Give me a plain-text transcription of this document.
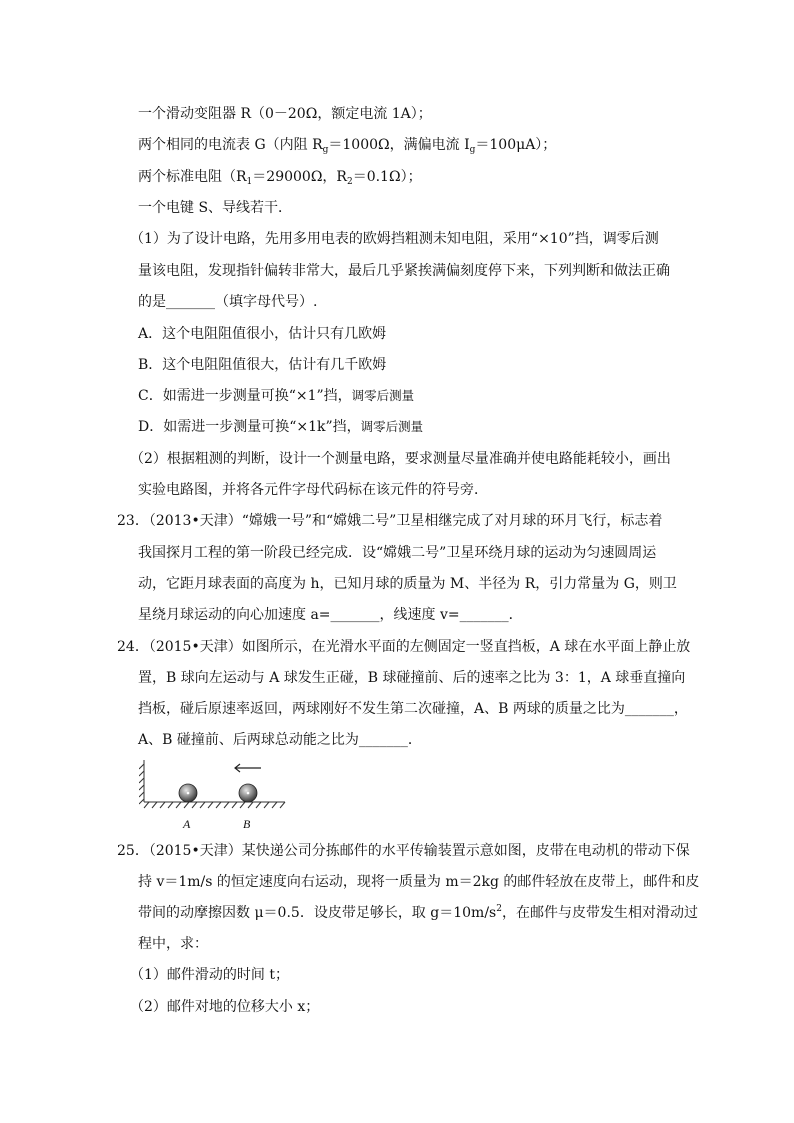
一个滑动变阻器 R（0－20Ω，额定电流 1A）；
两个相同的电流表 G（内阻 $R_g=1000\Omega$，满偏电流 $I_g=100\mu A$）；
两个标准电阻（$R_1=29000\Omega$，$R_2=0.1\Omega$）；
一个电键 S、导线若干．
（1）为了设计电路，先用多用电表的欧姆挡粗测未知电阻，采用“×10”挡，调零后测
量该电阻，发现指针偏转非常大，最后几乎紧挨满偏刻度停下来，下列判断和做法正确
的是_______（填字母代号）.
A．这个电阻阻值很小，估计只有几欧姆
B．这个电阻阻值很大，估计有几千欧姆
C．如需进一步测量可换“×1”挡，调零后测量
D．如需进一步测量可换“×1k”挡，调零后测量
（2）根据粗测的判断，设计一个测量电路，要求测量尽量准确并使电路能耗较小，画出
实验电路图，并将各元件字母代码标在该元件的符号旁．
23．（2013•天津）“嫦娥一号”和“嫦娥二号”卫星相继完成了对月球的环月飞行，标志着
我国探月工程的第一阶段已经完成．设“嫦娥二号”卫星环绕月球的运动为匀速圆周运
动，它距月球表面的高度为 h，已知月球的质量为 M、半径为 R，引力常量为 G，则卫
星绕月球运动的向心加速度 a=_______，线速度 v=_______．
24．（2015•天津）如图所示，在光滑水平面的左侧固定一竖直挡板，A 球在水平面上静止放
置，B 球向左运动与 A 球发生正碰，B 球碰撞前、后的速率之比为 3：1，A 球垂直撞向
挡板，碰后原速率返回，两球刚好不发生第二次碰撞，A、B 两球的质量之比为_______，
A、B 碰撞前、后两球总动能之比为_______．
A	B
25．（2015•天津）某快递公司分拣邮件的水平传输装置示意如图，皮带在电动机的带动下保
持 v＝1m/s 的恒定速度向右运动，现将一质量为 m＝2kg 的邮件轻放在皮带上，邮件和皮
带间的动摩擦因数 μ＝0.5．设皮带足够长，取 $g=10m/s^2$，在邮件与皮带发生相对滑动过
程中，求：
（1）邮件滑动的时间 t；
（2）邮件对地的位移大小 x；
